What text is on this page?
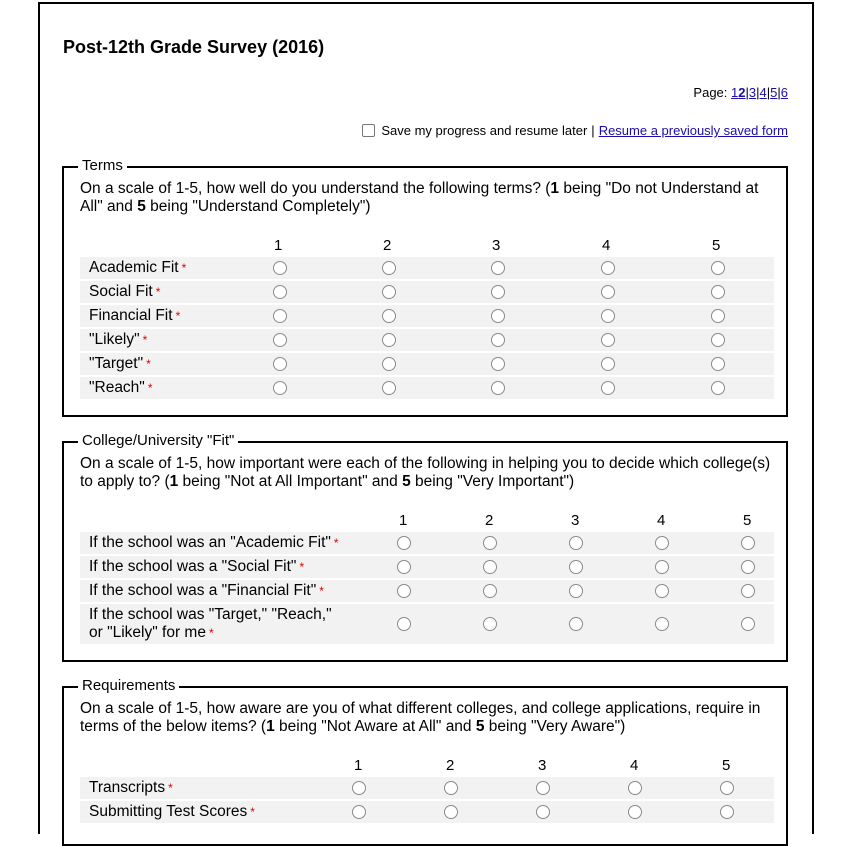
Post-12th Grade Survey (2016)
Page: 12|3|4|5|6
Save my progress and resume later | Resume a previously saved form
Terms
On a scale of 1-5, how well do you understand the following terms? (1 being "Do not Understand at All" and 5 being "Understand Completely")
1	2	3	4	5
Academic Fit *
Social Fit *
Financial Fit *
"Likely" *
"Target" *
"Reach" *
College/University "Fit"
On a scale of 1-5, how important were each of the following in helping you to decide which college(s) to apply to? (1 being "Not at All Important" and 5 being "Very Important")
1	2	3	4	5
If the school was an "Academic Fit" *
If the school was a "Social Fit" *
If the school was a "Financial Fit" *
If the school was "Target," "Reach," or "Likely" for me *
Requirements
On a scale of 1-5, how aware are you of what different colleges, and college applications, require in terms of the below items? (1 being "Not Aware at All" and 5 being "Very Aware")
1	2	3	4	5
Transcripts *
Submitting Test Scores *
